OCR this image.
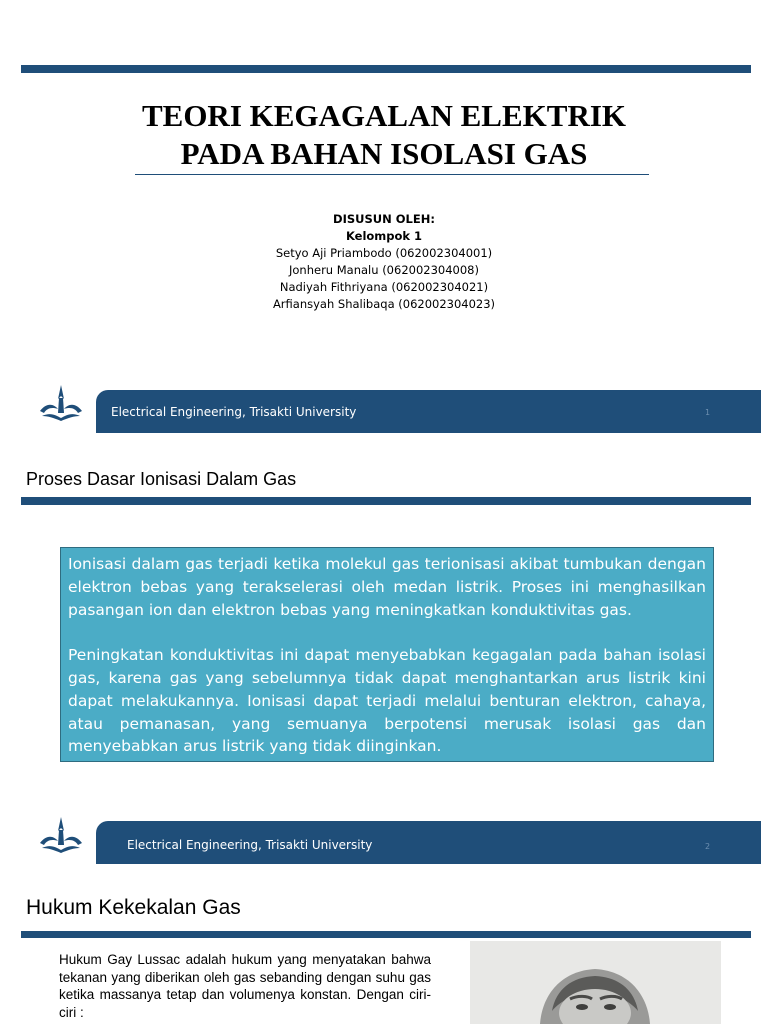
TEORI KEGAGALAN ELEKTRIK
PADA BAHAN ISOLASI GAS
DISUSUN OLEH:
Kelompok 1
Setyo Aji Priambodo (062002304001)
Jonheru Manalu (062002304008)
Nadiyah Fithriyana (062002304021)
Arfiansyah Shalibaqa (062002304023)
Electrical Engineering, Trisakti University	1
Proses Dasar Ionisasi Dalam Gas

Ionisasi dalam gas terjadi ketika molekul gas terionisasi akibat tumbukan dengan elektron bebas yang terakselerasi oleh medan listrik. Proses ini menghasilkan pasangan ion dan elektron bebas yang meningkatkan konduktivitas gas.

Peningkatan konduktivitas ini dapat menyebabkan kegagalan pada bahan isolasi gas, karena gas yang sebelumnya tidak dapat menghantarkan arus listrik kini dapat melakukannya. Ionisasi dapat terjadi melalui benturan elektron, cahaya, atau pemanasan, yang semuanya berpotensi merusak isolasi gas dan menyebabkan arus listrik yang tidak diinginkan.

Electrical Engineering, Trisakti University	2
Hukum Kekekalan Gas
Hukum Gay Lussac adalah hukum yang menyatakan bahwa tekanan yang diberikan oleh gas sebanding dengan suhu gas ketika massanya tetap dan volumenya konstan. Dengan ciri-ciri :
